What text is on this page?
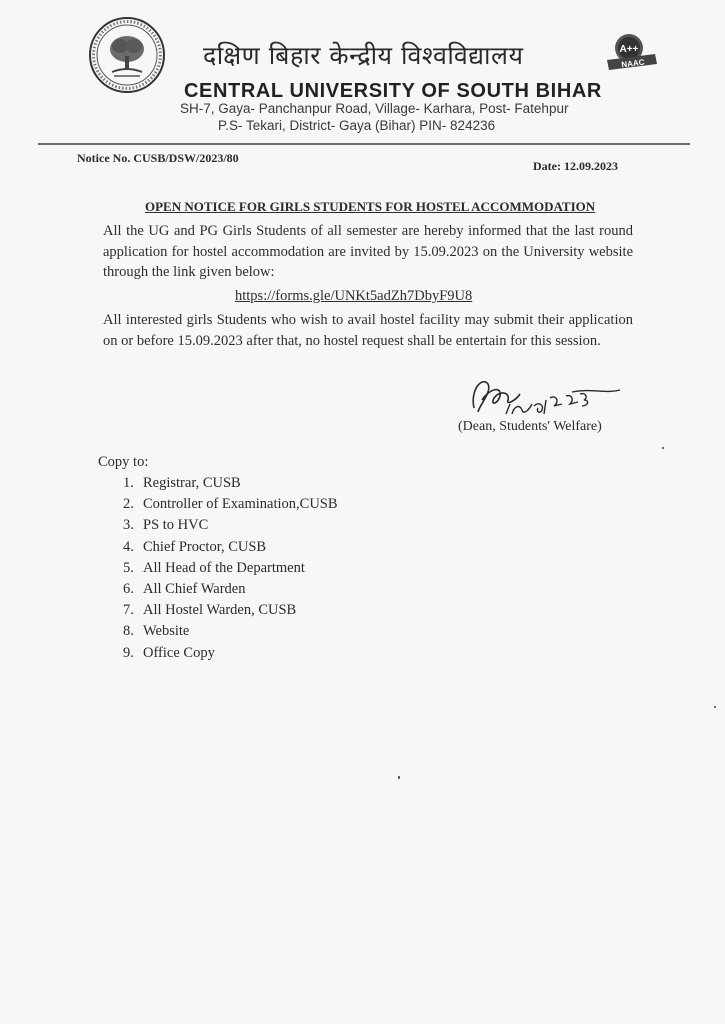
दक्षिण बिहार केन्द्रीय विश्वविद्यालय
CENTRAL UNIVERSITY OF SOUTH BIHAR
SH-7, Gaya- Panchanpur Road, Village- Karhara, Post- Fatehpur
P.S- Tekari, District- Gaya (Bihar) PIN- 824236
A++
NAAC
Notice No. CUSB/DSW/2023/80
Date: 12.09.2023
OPEN NOTICE FOR GIRLS STUDENTS FOR HOSTEL ACCOMMODATION
All the UG and PG Girls Students of all semester are hereby informed that the last round application for hostel accommodation are invited by 15.09.2023 on the University website through the link given below:
https://forms.gle/UNKt5adZh7DbyF9U8
All interested girls Students who wish to avail hostel facility may submit their application on or before 15.09.2023 after that, no hostel request shall be entertain for this session.
(Dean, Students' Welfare)
Copy to:
1. Registrar, CUSB
2. Controller of Examination,CUSB
3. PS to HVC
4. Chief Proctor, CUSB
5. All Head of the Department
6. All Chief Warden
7. All Hostel Warden, CUSB
8. Website
9. Office Copy
